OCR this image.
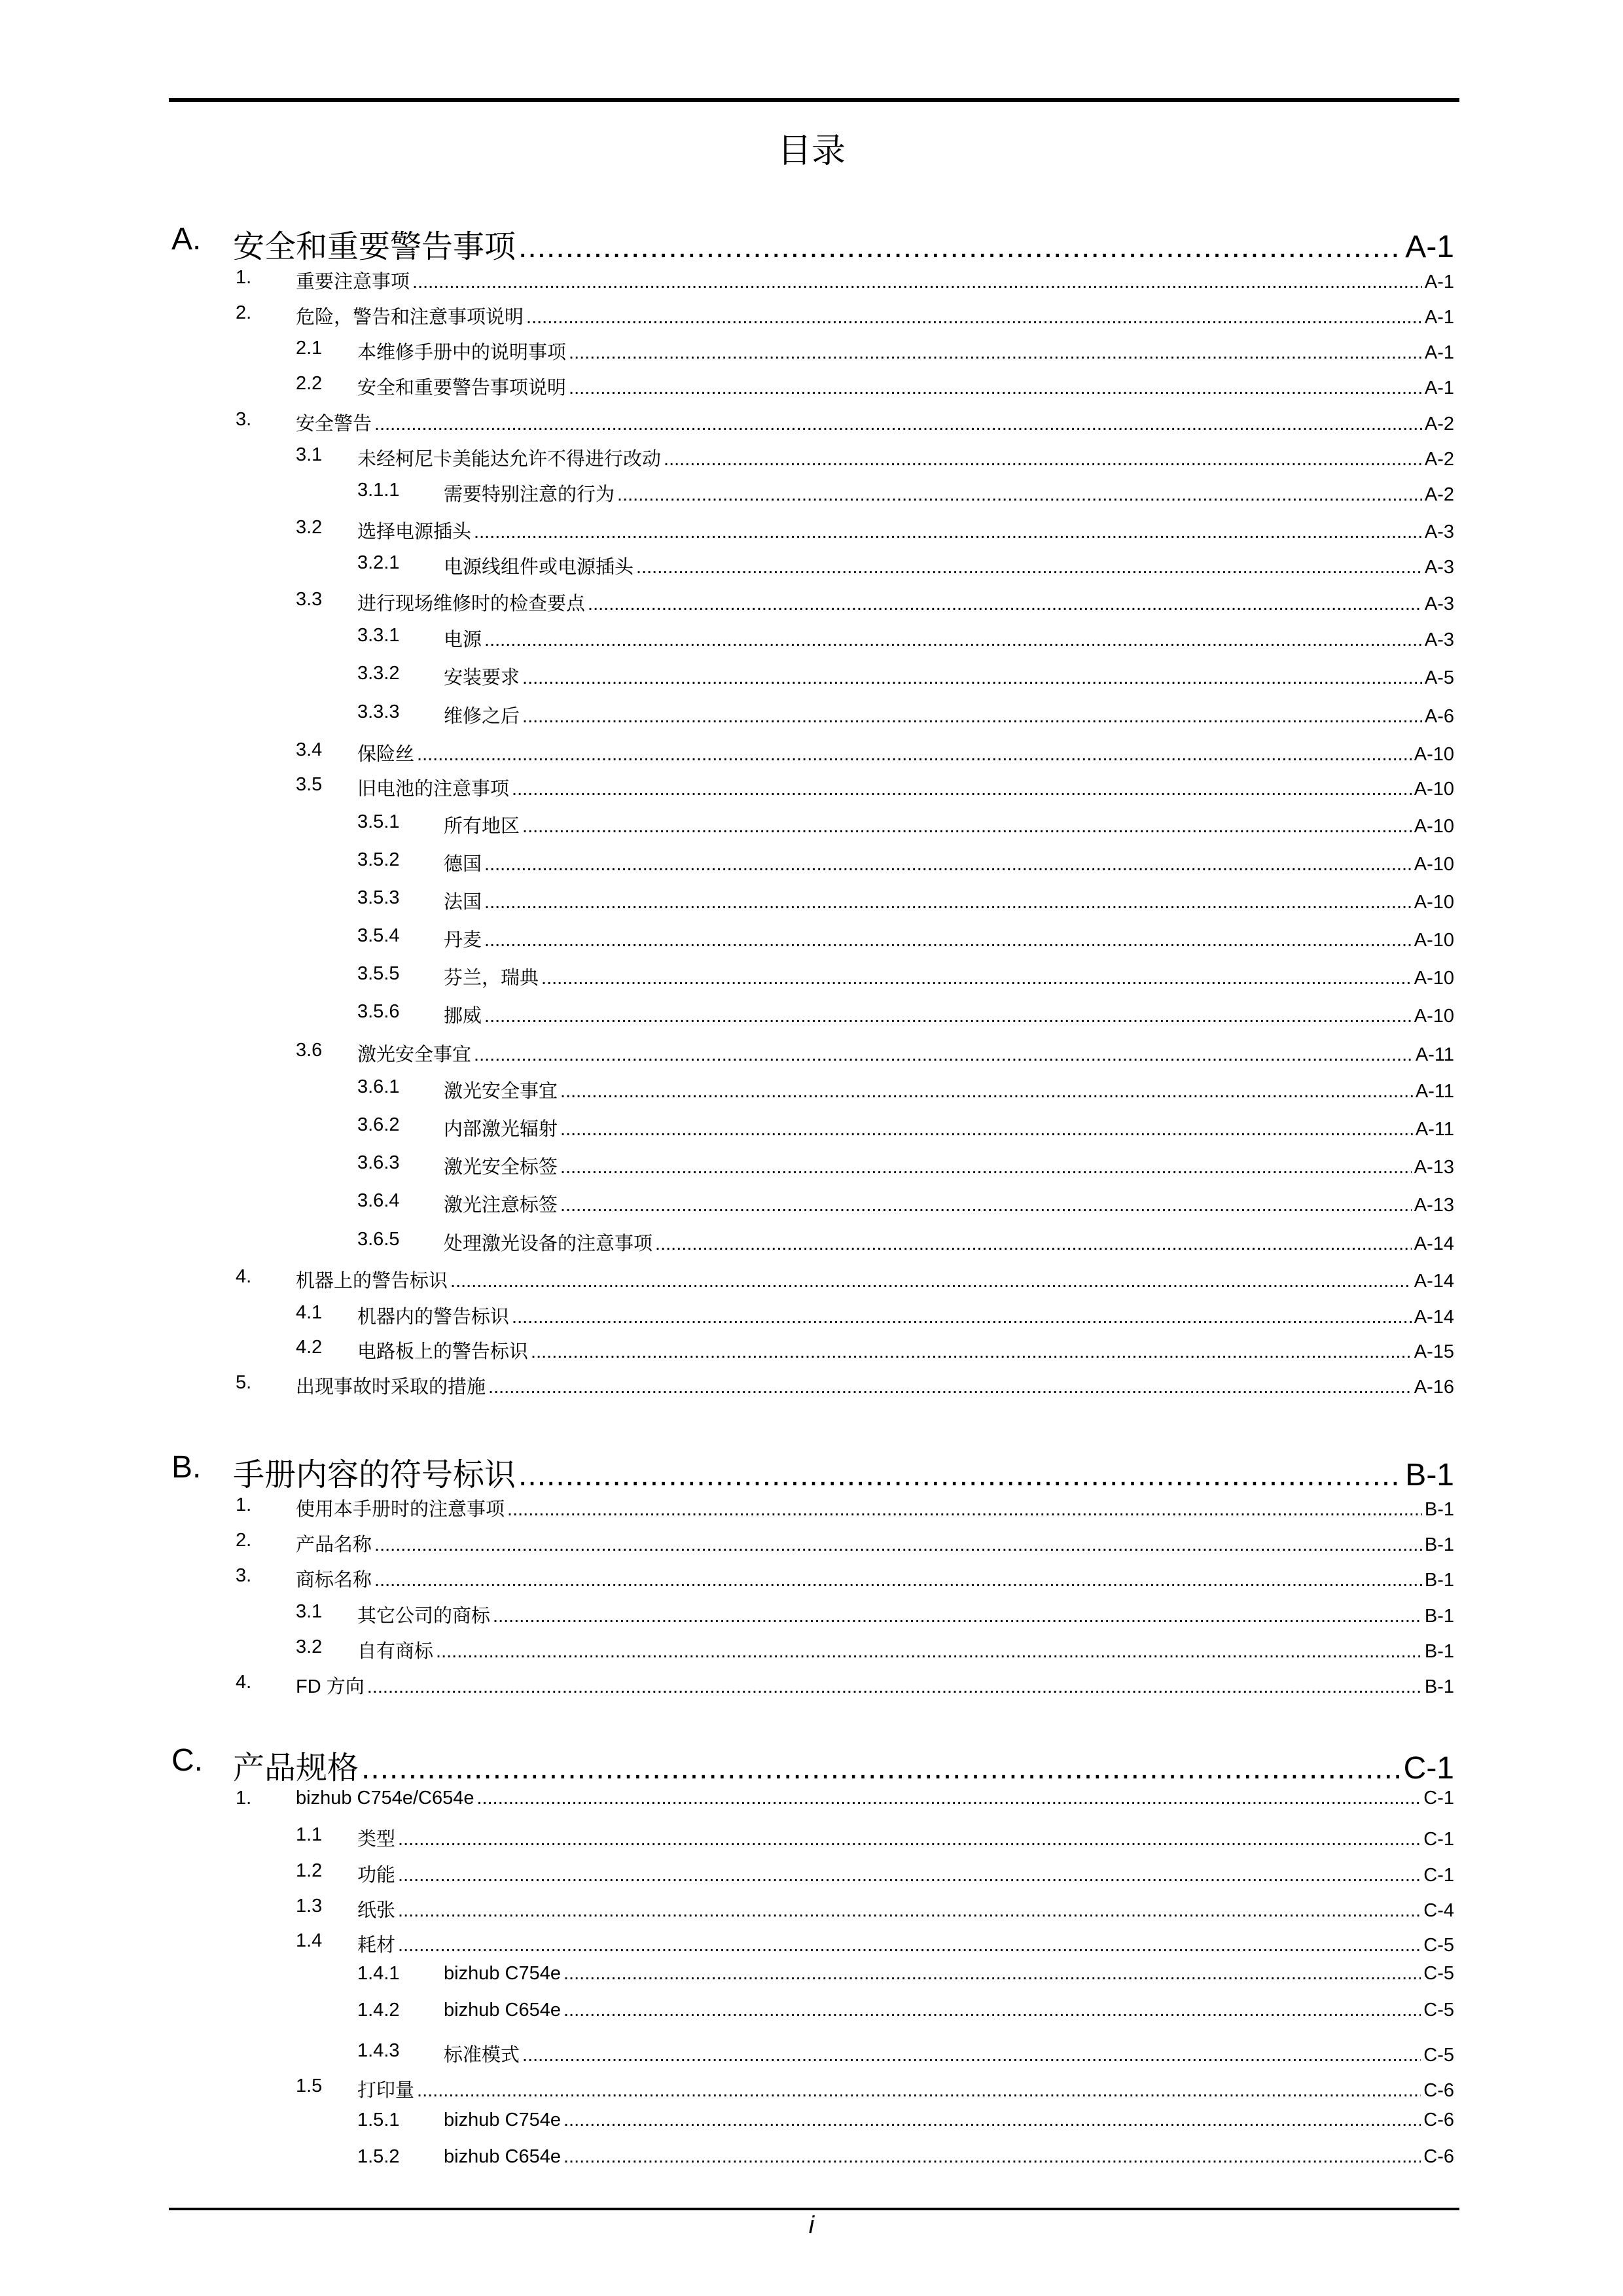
目录
A. 安全和重要警告事项 .....	A-1
1. 重要注意事项 .....	A-1
2. 危险，警告和注意事项说明 .....	A-1
2.1 本维修手册中的说明事项 .....	A-1
2.2 安全和重要警告事项说明 .....	A-1
3. 安全警告 .....	A-2
3.1 未经柯尼卡美能达允许不得进行改动 .....	A-2
3.1.1 需要特别注意的行为 .....	A-2
3.2 选择电源插头 .....	A-3
3.2.1 电源线组件或电源插头 .....	A-3
3.3 进行现场维修时的检查要点 .....	A-3
3.3.1 电源 .....	A-3
3.3.2 安装要求 .....	A-5
3.3.3 维修之后 .....	A-6
3.4 保险丝 .....	A-10
3.5 旧电池的注意事项 .....	A-10
3.5.1 所有地区 .....	A-10
3.5.2 德国 .....	A-10
3.5.3 法国 .....	A-10
3.5.4 丹麦 .....	A-10
3.5.5 芬兰，瑞典 .....	A-10
3.5.6 挪威 .....	A-10
3.6 激光安全事宜 .....	A-11
3.6.1 激光安全事宜 .....	A-11
3.6.2 内部激光辐射 .....	A-11
3.6.3 激光安全标签 .....	A-13
3.6.4 激光注意标签 .....	A-13
3.6.5 处理激光设备的注意事项 .....	A-14
4. 机器上的警告标识 .....	A-14
4.1 机器内的警告标识 .....	A-14
4.2 电路板上的警告标识 .....	A-15
5. 出现事故时采取的措施 .....	A-16
B. 手册内容的符号标识 .....	B-1
1. 使用本手册时的注意事项 .....	B-1
2. 产品名称 .....	B-1
3. 商标名称 .....	B-1
3.1 其它公司的商标 .....	B-1
3.2 自有商标 .....	B-1
4. FD 方向 .....	B-1
C. 产品规格 .....	C-1
1. bizhub C754e/C654e .....	C-1
1.1 类型 .....	C-1
1.2 功能 .....	C-1
1.3 纸张 .....	C-4
1.4 耗材 .....	C-5
1.4.1 bizhub C754e .....	C-5
1.4.2 bizhub C654e .....	C-5
1.4.3 标准模式 .....	C-5
1.5 打印量 .....	C-6
1.5.1 bizhub C754e .....	C-6
1.5.2 bizhub C654e .....	C-6
i
